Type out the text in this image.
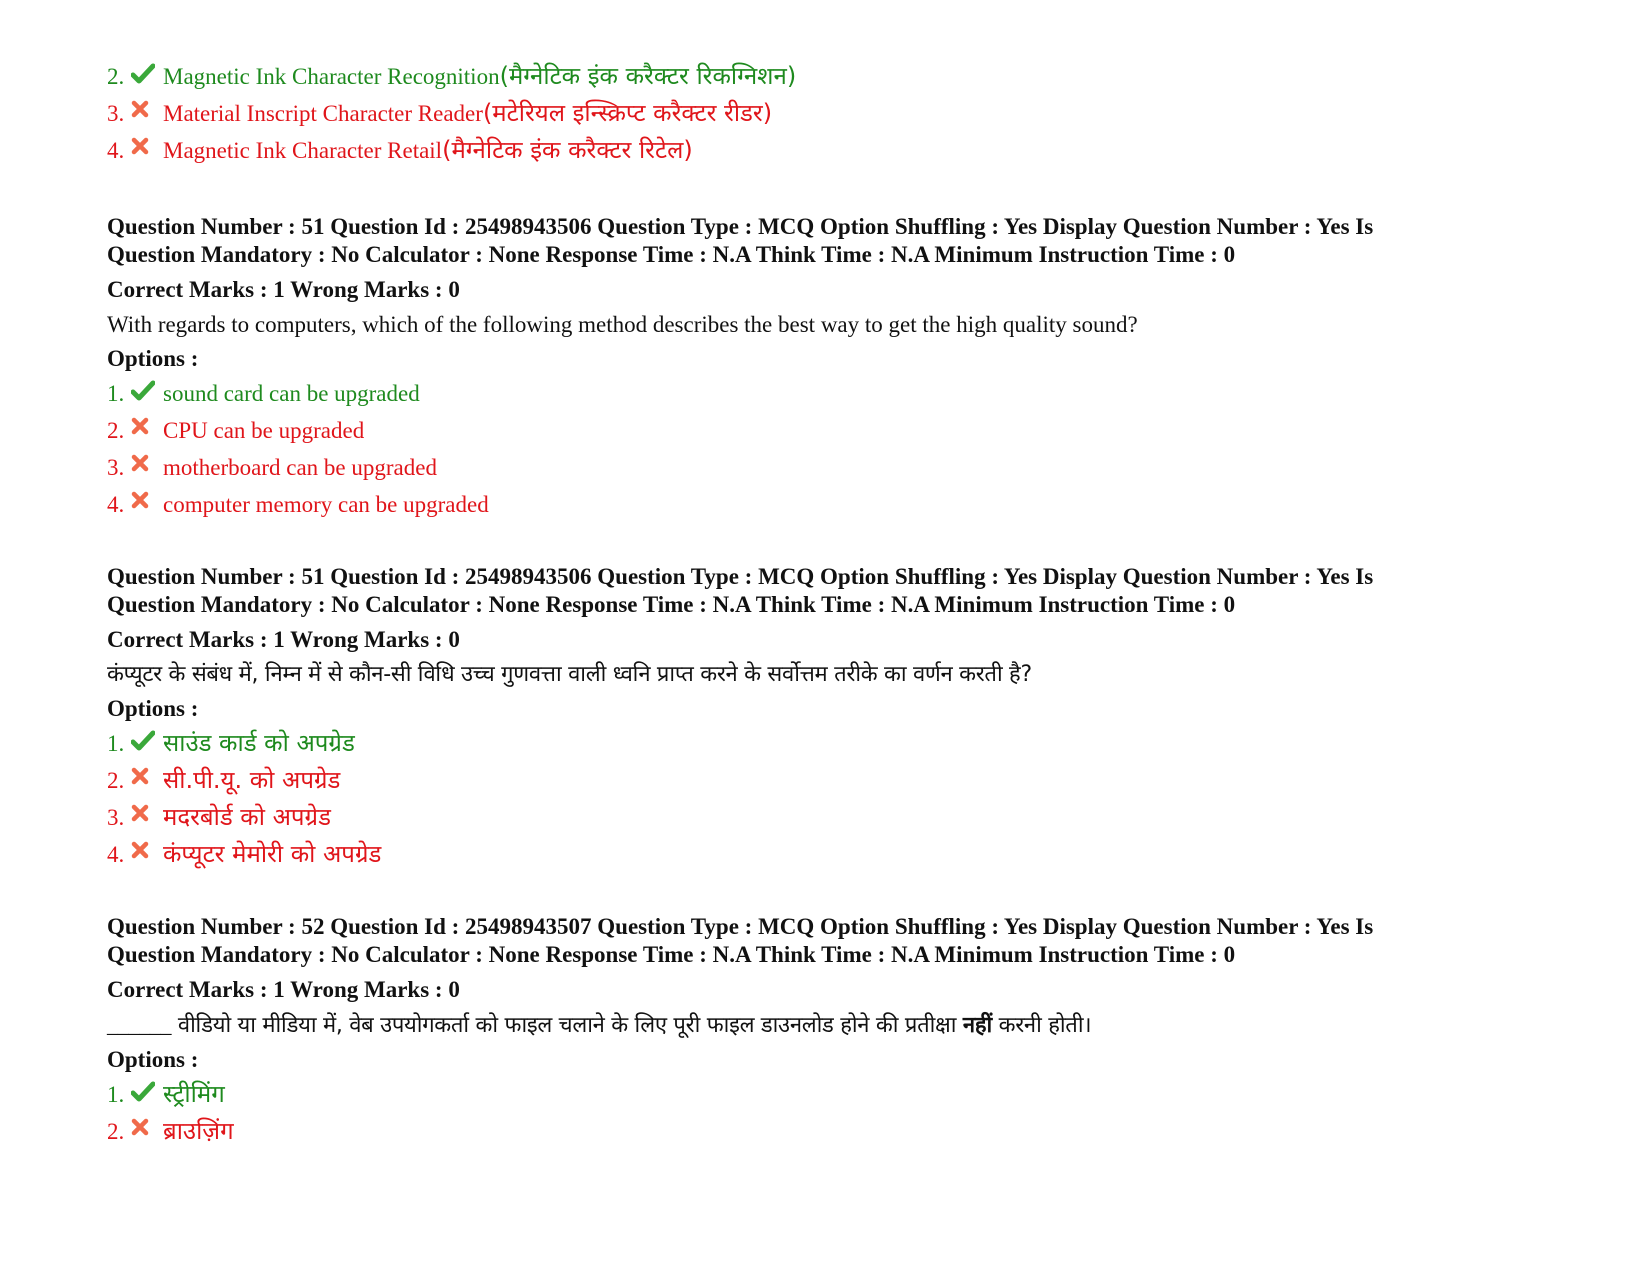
2. Magnetic Ink Character Recognition (मैग्नेटिक इंक करैक्टर रिकग्निशन)
3. Material Inscript Character Reader (मटेरियल इन्स्क्रिप्ट करैक्टर रीडर)
4. Magnetic Ink Character Retail (मैग्नेटिक इंक करैक्टर रिटेल)
Question Number : 51 Question Id : 25498943506 Question Type : MCQ Option Shuffling : Yes Display Question Number : Yes Is
Question Mandatory : No Calculator : None Response Time : N.A Think Time : N.A Minimum Instruction Time : 0
Correct Marks : 1 Wrong Marks : 0
With regards to computers, which of the following method describes the best way to get the high quality sound?
Options :
1. sound card can be upgraded
2. CPU can be upgraded
3. motherboard can be upgraded
4. computer memory can be upgraded
Question Number : 51 Question Id : 25498943506 Question Type : MCQ Option Shuffling : Yes Display Question Number : Yes Is
Question Mandatory : No Calculator : None Response Time : N.A Think Time : N.A Minimum Instruction Time : 0
Correct Marks : 1 Wrong Marks : 0
कंप्यूटर के संबंध में, निम्न में से कौन-सी विधि उच्च गुणवत्ता वाली ध्वनि प्राप्त करने के सर्वोत्तम तरीके का वर्णन करती है?
Options :
1. साउंड कार्ड को अपग्रेड
2. सी.पी.यू. को अपग्रेड
3. मदरबोर्ड को अपग्रेड
4. कंप्यूटर मेमोरी को अपग्रेड
Question Number : 52 Question Id : 25498943507 Question Type : MCQ Option Shuffling : Yes Display Question Number : Yes Is
Question Mandatory : No Calculator : None Response Time : N.A Think Time : N.A Minimum Instruction Time : 0
Correct Marks : 1 Wrong Marks : 0
______ वीडियो या मीडिया में, वेब उपयोगकर्ता को फाइल चलाने के लिए पूरी फाइल डाउनलोड होने की प्रतीक्षा नहीं करनी होती।
Options :
1. स्ट्रीमिंग
2. ब्राउज़िंग
